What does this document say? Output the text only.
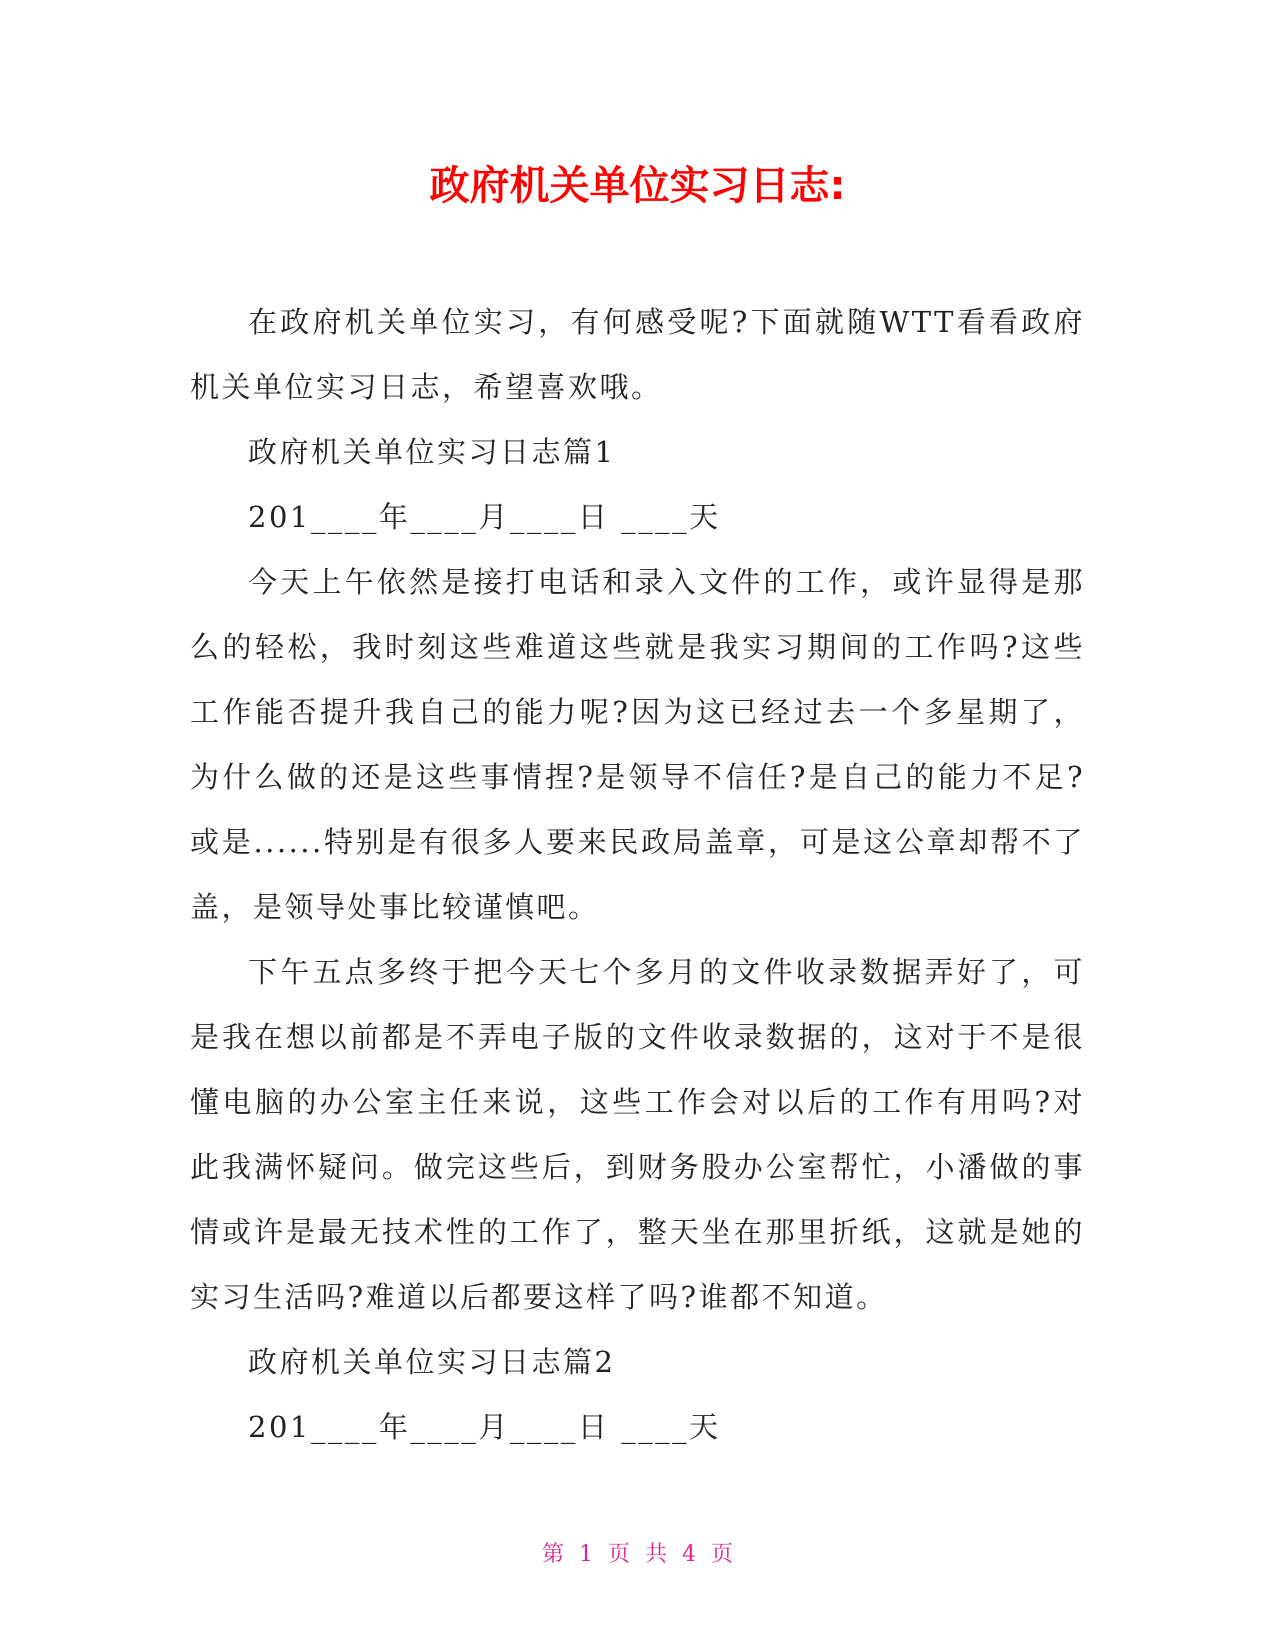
政府机关单位实习日志:

在政府机关单位实习，有何感受呢?下面就随WTT看看政府机关单位实习日志，希望喜欢哦。

政府机关单位实习日志篇1

201____年____月____日 ____天

今天上午依然是接打电话和录入文件的工作，或许显得是那么的轻松，我时刻这些难道这些就是我实习期间的工作吗?这些工作能否提升我自己的能力呢?因为这已经过去一个多星期了，为什么做的还是这些事情捏?是领导不信任?是自己的能力不足?或是......特别是有很多人要来民政局盖章，可是这公章却帮不了盖，是领导处事比较谨慎吧。

下午五点多终于把今天七个多月的文件收录数据弄好了，可是我在想以前都是不弄电子版的文件收录数据的，这对于不是很懂电脑的办公室主任来说，这些工作会对以后的工作有用吗?对此我满怀疑问。做完这些后，到财务股办公室帮忙，小潘做的事情或许是最无技术性的工作了，整天坐在那里折纸，这就是她的实习生活吗?难道以后都要这样了吗?谁都不知道。

政府机关单位实习日志篇2

201____年____月____日 ____天

第 1 页 共 4 页
